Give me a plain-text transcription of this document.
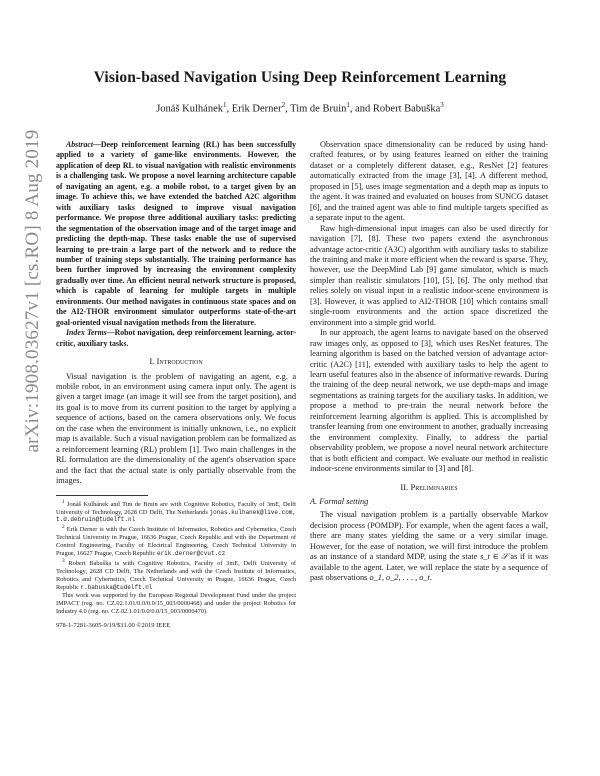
arXiv:1908.03627v1 [cs.RO] 8 Aug 2019
Vision-based Navigation Using Deep Reinforcement Learning
Jonáš Kulhánek$^1$, Erik Derner$^2$, Tim de Bruin$^1$, and Robert Babuška$^3$

Abstract—Deep reinforcement learning (RL) has been successfully applied to a variety of game-like environments. However, the application of deep RL to visual navigation with realistic environments is a challenging task. We propose a novel learning architecture capable of navigating an agent, e.g. a mobile robot, to a target given by an image. To achieve this, we have extended the batched A2C algorithm with auxiliary tasks designed to improve visual navigation performance. We propose three additional auxiliary tasks: predicting the segmentation of the observation image and of the target image and predicting the depth-map. These tasks enable the use of supervised learning to pre-train a large part of the network and to reduce the number of training steps substantially. The training performance has been further improved by increasing the environment complexity gradually over time. An efficient neural network structure is proposed, which is capable of learning for multiple targets in multiple environments. Our method navigates in continuous state spaces and on the AI2-THOR environment simulator outperforms state-of-the-art goal-oriented visual navigation methods from the literature.

Index Terms—Robot navigation, deep reinforcement learning, actor-critic, auxiliary tasks.

I. Introduction

Visual navigation is the problem of navigating an agent, e.g. a mobile robot, in an environment using camera input only. The agent is given a target image (an image it will see from the target position), and its goal is to move from its current position to the target by applying a sequence of actions, based on the camera observations only. We focus on the case when the environment is initially unknown, i.e., no explicit map is available. Such a visual navigation problem can be formalized as a reinforcement learning (RL) problem [1]. Two main challenges in the RL formulation are the dimensionality of the agent's observation space and the fact that the actual state is only partially observable from the images.

$^1$ Jonáš Kulhánek and Tim de Bruin are with Cognitive Robotics, Faculty of 3mE, Delft University of Technology, 2628 CD Delft, The Netherlands jonas.kulhanek@live.com, t.d.debruin@tudelft.nl

$^2$ Erik Derner is with the Czech Institute of Informatics, Robotics and Cybernetics, Czech Technical University in Prague, 16636 Prague, Czech Republic and with the Department of Control Engineering, Faculty of Electrical Engineering, Czech Technical University in Prague, 16627 Prague, Czech Republic erik.derner@cvut.cz

$^3$ Robert Babuška is with Cognitive Robotics, Faculty of 3mE, Delft University of Technology, 2628 CD Delft, The Netherlands and with the Czech Institute of Informatics, Robotics and Cybernetics, Czech Technical University in Prague, 16636 Prague, Czech Republic r.babuska@tudelft.nl

This work was supported by the European Regional Development Fund under the project IMPACT (reg. no. CZ.02.1.01/0.0/0.0/15_003/0000468) and under the project Robotics for Industry 4.0 (reg. no. CZ.02.1.01/0.0/0.0/15_003/0000470).

978-1-7281-3605-9/19/$31.00 ©2019 IEEE

Observation space dimensionality can be reduced by using hand-crafted features, or by using features learned on either the training dataset or a completely different dataset, e.g., ResNet [2] features automatically extracted from the image [3], [4]. A different method, proposed in [5], uses image segmentation and a depth map as inputs to the agent. It was trained and evaluated on houses from SUNCG dataset [6], and the trained agent was able to find multiple targets specified as a separate input to the agent.

Raw high-dimensional input images can also be used directly for navigation [7], [8]. These two papers extend the asynchronous advantage actor-critic (A3C) algorithm with auxiliary tasks to stabilize the training and make it more efficient when the reward is sparse. They, however, use the DeepMind Lab [9] game simulator, which is much simpler than realistic simulators [10], [5], [6]. The only method that relies solely on visual input in a realistic indoor-scene environment is [3]. However, it was applied to AI2-THOR [10] which contains small single-room environments and the action space discretized the environment into a simple grid world.

In our approach, the agent learns to navigate based on the observed raw images only, as opposed to [3], which uses ResNet features. The learning algorithm is based on the batched version of advantage actor-critic (A2C) [11], extended with auxiliary tasks to help the agent to learn useful features also in the absence of informative rewards. During the training of the deep neural network, we use depth-maps and image segmentations as training targets for the auxiliary tasks. In addition, we propose a method to pre-train the neural network before the reinforcement learning algorithm is applied. This is accomplished by transfer learning from one environment to another, gradually increasing the environment complexity. Finally, to address the partial observability problem, we propose a novel neural network architecture that is both efficient and compact. We evaluate our method in realistic indoor-scene environments similar to [3] and [8].

II. Preliminaries
A. Formal setting

The visual navigation problem is a partially observable Markov decision process (POMDP). For example, when the agent faces a wall, there are many states yielding the same or a very similar image. However, for the ease of notation, we will first introduce the problem as an instance of a standard MDP, using the state s_t ∈ 𝒮 as if it was available to the agent. Later, we will replace the state by a sequence of past observations o_1, o_2, . . . , o_t.
